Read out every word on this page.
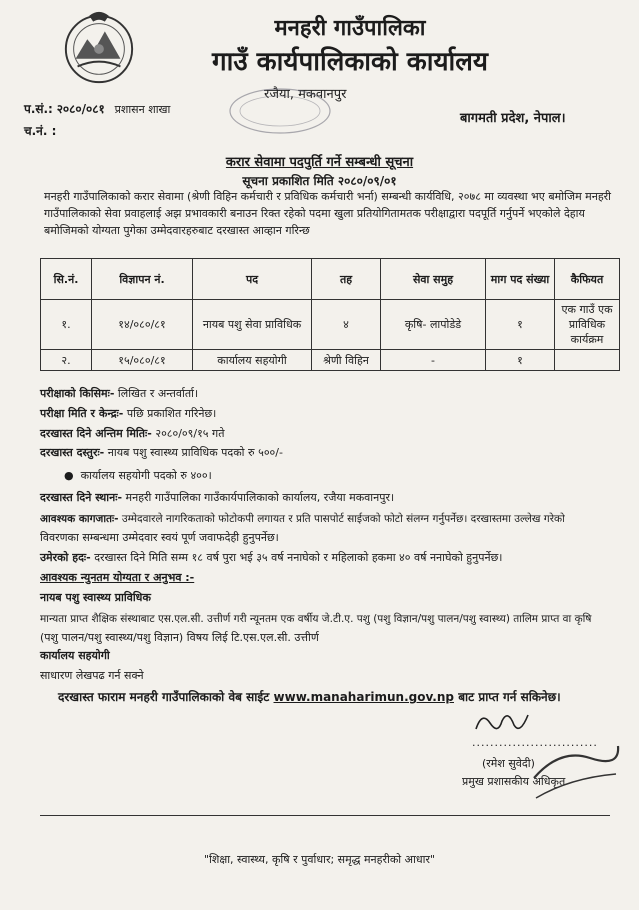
मनहरी गाउँपालिका
गाउँ कार्यपालिकाको कार्यालय
रजैया, मकवानपुर
प.सं.: २०८०/०८१ प्रशासन शाखा
च.नं. :
बागमती प्रदेश, नेपाल।
करार सेवामा पदपुर्ति गर्ने सम्बन्धी सूचना
सूचना प्रकाशित मिति २०८०/०९/०१
मनहरी गाउँपालिकाको करार सेवामा (श्रेणी विहिन कर्मचारी र प्रविधिक कर्मचारी भर्ना) सम्बन्धी कार्यविधि, २०७८ मा व्यवस्था भए बमोजिम मनहरी गाउँपालिकाको सेवा प्रवाहलाई अझ प्रभावकारी बनाउन रिक्त रहेको पदमा खुला प्रतियोगितामतक परीक्षाद्वारा पदपूर्ति गर्नुपर्ने भएकोले देहाय बमोजिमको योग्यता पुगेका उम्मेदवारहरुबाट दरखास्त आव्हान गरिन्छ
सि.नं.	विज्ञापन नं.	पद	तह	सेवा समुह	माग पद संख्या	कैफियत
१.	१४/०८०/८१	नायब पशु सेवा प्राविधिक	४	कृषि- लापोडेडे	१	एक गाउँ एक प्राविधिक कार्यक्रम
२.	१५/०८०/८१	कार्यालय सहयोगी	श्रेणी विहिन	-	१	
परीक्षाको किसिमः- लिखित र अन्तर्वार्ता।
परीक्षा मिति र केन्द्रः- पछि प्रकाशित गरिनेछ।
दरखास्त दिने अन्तिम मितिः- २०८०/०९/१५ गते
दरखास्त दस्तुरः- नायब पशु स्वास्थ्य प्राविधिक पदको रु ५००/-
●  कार्यालय सहयोगी पदको रु ४००।
दरखास्त दिने स्थानः- मनहरी गाउँपालिका गाउँकार्यपालिकाको कार्यालय, रजैया मकवानपुर।
आवश्यक कागजातः- उम्मेदवारले नागरिकताको फोटोकपी लगायत र प्रति पासपोर्ट साईजको फोटो संलग्न गर्नुपर्नेछ। दरखास्तमा उल्लेख गरेको
विवरणका सम्बन्धमा उम्मेदवार स्वयं पूर्ण जवाफदेही हुनुपर्नेछ।
उमेरको हदः- दरखास्त दिने मिति सम्म १८ वर्ष पुरा भई ३५ वर्ष ननाघेको र महिलाको हकमा ४० वर्ष ननाघेको हुनुपर्नेछ।
आवश्यक न्युनतम योग्यता र अनुभव :-
नायब पशु स्वास्थ्य प्राविधिक
मान्यता प्राप्त शैक्षिक संस्थाबाट एस.एल.सी. उत्तीर्ण गरी न्यूनतम एक वर्षीय जे.टी.ए. पशु (पशु विज्ञान/पशु पालन/पशु स्वास्थ्य) तालिम प्राप्त वा कृषि
(पशु पालन/पशु स्वास्थ्य/पशु विज्ञान) विषय लिई टि.एस.एल.सी. उत्तीर्ण
कार्यालय सहयोगी
साधारण लेखपढ गर्न सक्ने
दरखास्त फाराम मनहरी गाउँपालिकाको वेब साईट www.manaharimun.gov.np बाट प्राप्त गर्न सकिनेछ।
............................
(रमेश सुवेदी)
प्रमुख प्रशासकीय अधिकृत
"शिक्षा, स्वास्थ्य, कृषि र पुर्वाधार; समृद्ध मनहरीको आधार"
